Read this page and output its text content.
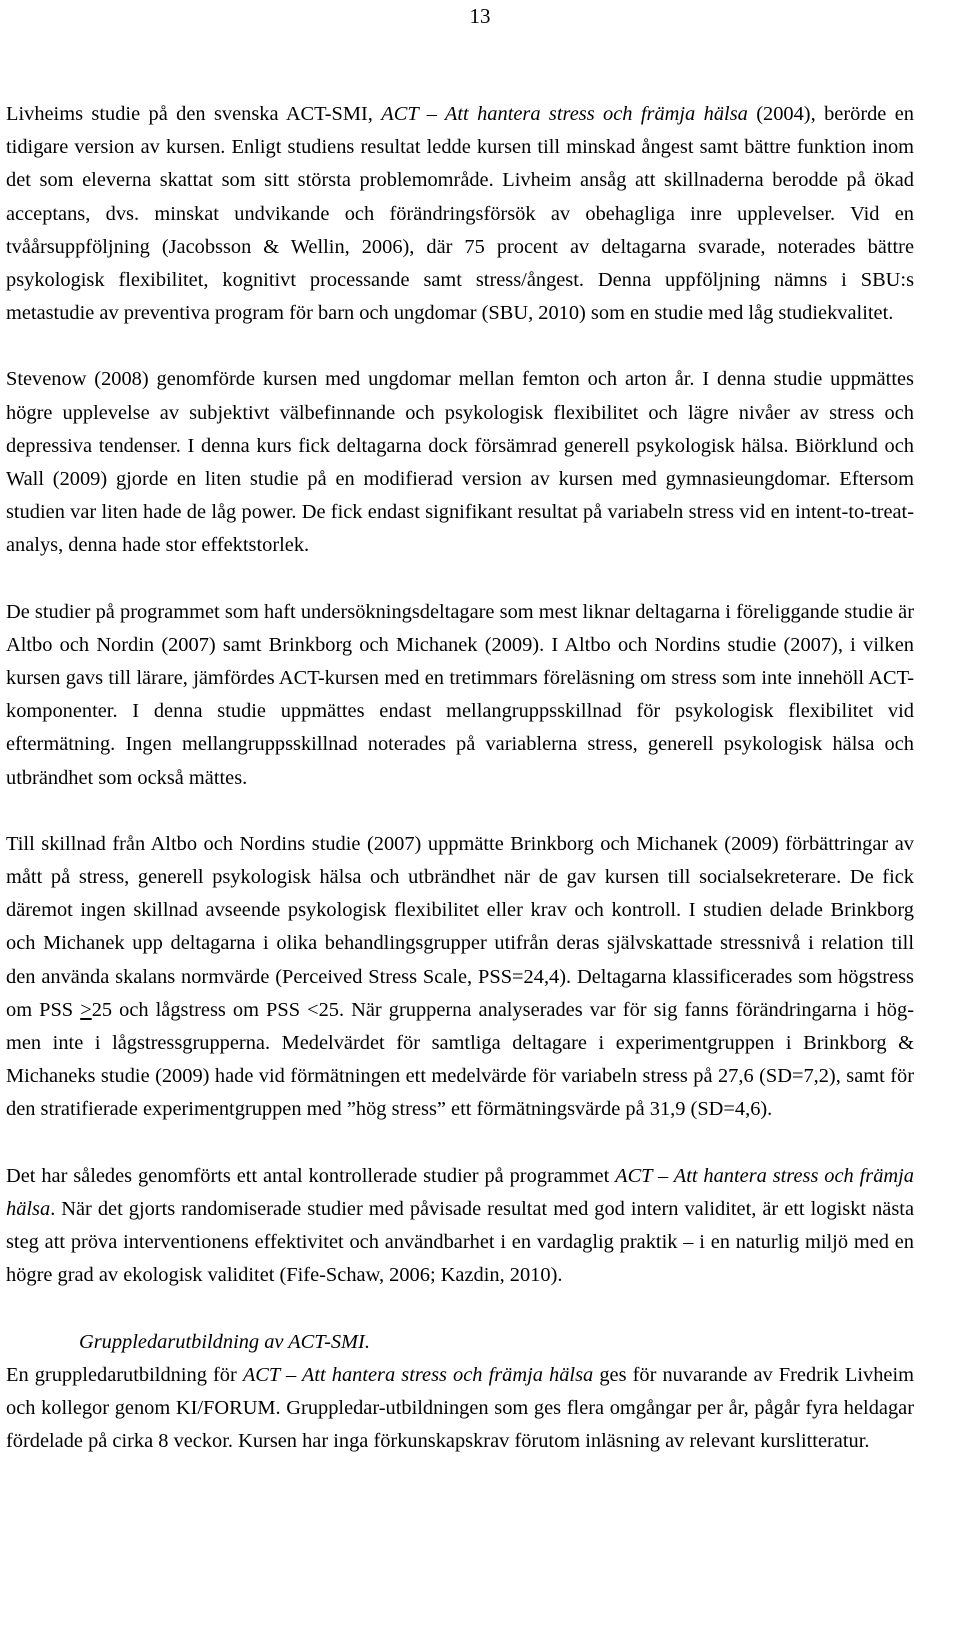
13

Livheims studie på den svenska ACT-SMI, ACT – Att hantera stress och främja hälsa (2004), berörde en tidigare version av kursen. Enligt studiens resultat ledde kursen till minskad ångest samt bättre funktion inom det som eleverna skattat som sitt största problemområde. Livheim ansåg att skillnaderna berodde på ökad acceptans, dvs. minskat undvikande och förändringsförsök av obehagliga inre upplevelser. Vid en tvåårsuppföljning (Jacobsson & Wellin, 2006), där 75 procent av deltagarna svarade, noterades bättre psykologisk flexibilitet, kognitivt processande samt stress/ångest. Denna uppföljning nämns i SBU:s metastudie av preventiva program för barn och ungdomar (SBU, 2010) som en studie med låg studiekvalitet.

Stevenow (2008) genomförde kursen med ungdomar mellan femton och arton år. I denna studie uppmättes högre upplevelse av subjektivt välbefinnande och psykologisk flexibilitet och lägre nivåer av stress och depressiva tendenser. I denna kurs fick deltagarna dock försämrad generell psykologisk hälsa. Biörklund och Wall (2009) gjorde en liten studie på en modifierad version av kursen med gymnasieungdomar. Eftersom studien var liten hade de låg power. De fick endast signifikant resultat på variabeln stress vid en intent-to-treat-analys, denna hade stor effektstorlek.

De studier på programmet som haft undersökningsdeltagare som mest liknar deltagarna i föreliggande studie är Altbo och Nordin (2007) samt Brinkborg och Michanek (2009). I Altbo och Nordins studie (2007), i vilken kursen gavs till lärare, jämfördes ACT-kursen med en tretimmars föreläsning om stress som inte innehöll ACT-komponenter. I denna studie uppmättes endast mellangruppsskillnad för psykologisk flexibilitet vid eftermätning. Ingen mellangruppsskillnad noterades på variablerna stress, generell psykologisk hälsa och utbrändhet som också mättes.

Till skillnad från Altbo och Nordins studie (2007) uppmätte Brinkborg och Michanek (2009) förbättringar av mått på stress, generell psykologisk hälsa och utbrändhet när de gav kursen till socialsekreterare. De fick däremot ingen skillnad avseende psykologisk flexibilitet eller krav och kontroll. I studien delade Brinkborg och Michanek upp deltagarna i olika behandlingsgrupper utifrån deras självskattade stressnivå i relation till den använda skalans normvärde (Perceived Stress Scale, PSS=24,4). Deltagarna klassificerades som högstress om PSS ≥25 och lågstress om PSS <25. När grupperna analyserades var för sig fanns förändringarna i hög- men inte i lågstressgrupperna. Medelvärdet för samtliga deltagare i experimentgruppen i Brinkborg & Michaneks studie (2009) hade vid förmätningen ett medelvärde för variabeln stress på 27,6 (SD=7,2), samt för den stratifierade experimentgruppen med ”hög stress” ett förmätningsvärde på 31,9 (SD=4,6).

Det har således genomförts ett antal kontrollerade studier på programmet ACT – Att hantera stress och främja hälsa. När det gjorts randomiserade studier med påvisade resultat med god intern validitet, är ett logiskt nästa steg att pröva interventionens effektivitet och användbarhet i en vardaglig praktik – i en naturlig miljö med en högre grad av ekologisk validitet (Fife-Schaw, 2006; Kazdin, 2010).

Gruppledarutbildning av ACT-SMI.

En gruppledarutbildning för ACT – Att hantera stress och främja hälsa ges för nuvarande av Fredrik Livheim och kollegor genom KI/FORUM. Gruppledar-utbildningen som ges flera omgångar per år, pågår fyra heldagar fördelade på cirka 8 veckor. Kursen har inga förkunskapskrav förutom inläsning av relevant kurslitteratur.
